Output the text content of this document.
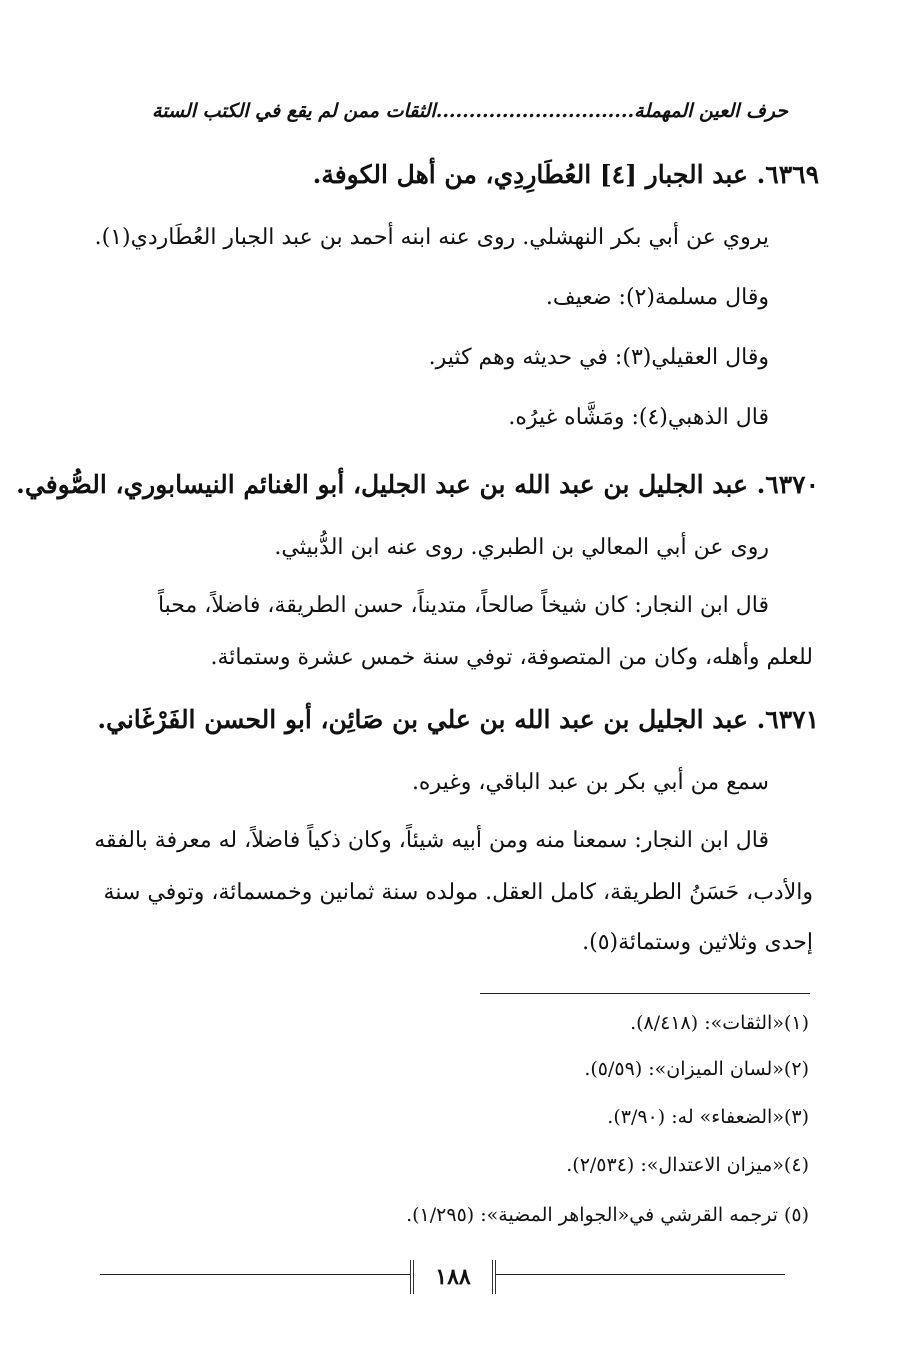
حرف العين المهملة..............................الثقات ممن لم يقع في الكتب الستة
٦٣٦٩. عبد الجبار [٤] العُطَارِدِي، من أهل الكوفة.
يروي عن أبي بكر النهشلي. روى عنه ابنه أحمد بن عبد الجبار العُطَاردي(١).
وقال مسلمة(٢): ضعيف.
وقال العقيلي(٣): في حديثه وهم كثير.
قال الذهبي(٤): ومَشَّاه غيرُه.
٦٣٧٠. عبد الجليل بن عبد الله بن عبد الجليل، أبو الغنائم النيسابوري، الصُّوفي.
روى عن أبي المعالي بن الطبري. روى عنه ابن الدُّبيثي.
قال ابن النجار: كان شيخاً صالحاً، متديناً، حسن الطريقة، فاضلاً، محباً
للعلم وأهله، وكان من المتصوفة، توفي سنة خمس عشرة وستمائة.
٦٣٧١. عبد الجليل بن عبد الله بن علي بن صَائِن، أبو الحسن الفَرْغَاني.
سمع من أبي بكر بن عبد الباقي، وغيره.
قال ابن النجار: سمعنا منه ومن أبيه شيئاً، وكان ذكياً فاضلاً، له معرفة بالفقه
والأدب، حَسَنُ الطريقة، كامل العقل. مولده سنة ثمانين وخمسمائة، وتوفي سنة
إحدى وثلاثين وستمائة(٥).
(١)«الثقات»: (٨/٤١٨).
(٢)«لسان الميزان»: (٥/٥٩).
(٣)«الضعفاء» له: (٣/٩٠).
(٤)«ميزان الاعتدال»: (٢/٥٣٤).
(٥) ترجمه القرشي في«الجواهر المضية»: (١/٢٩٥).
١٨٨
